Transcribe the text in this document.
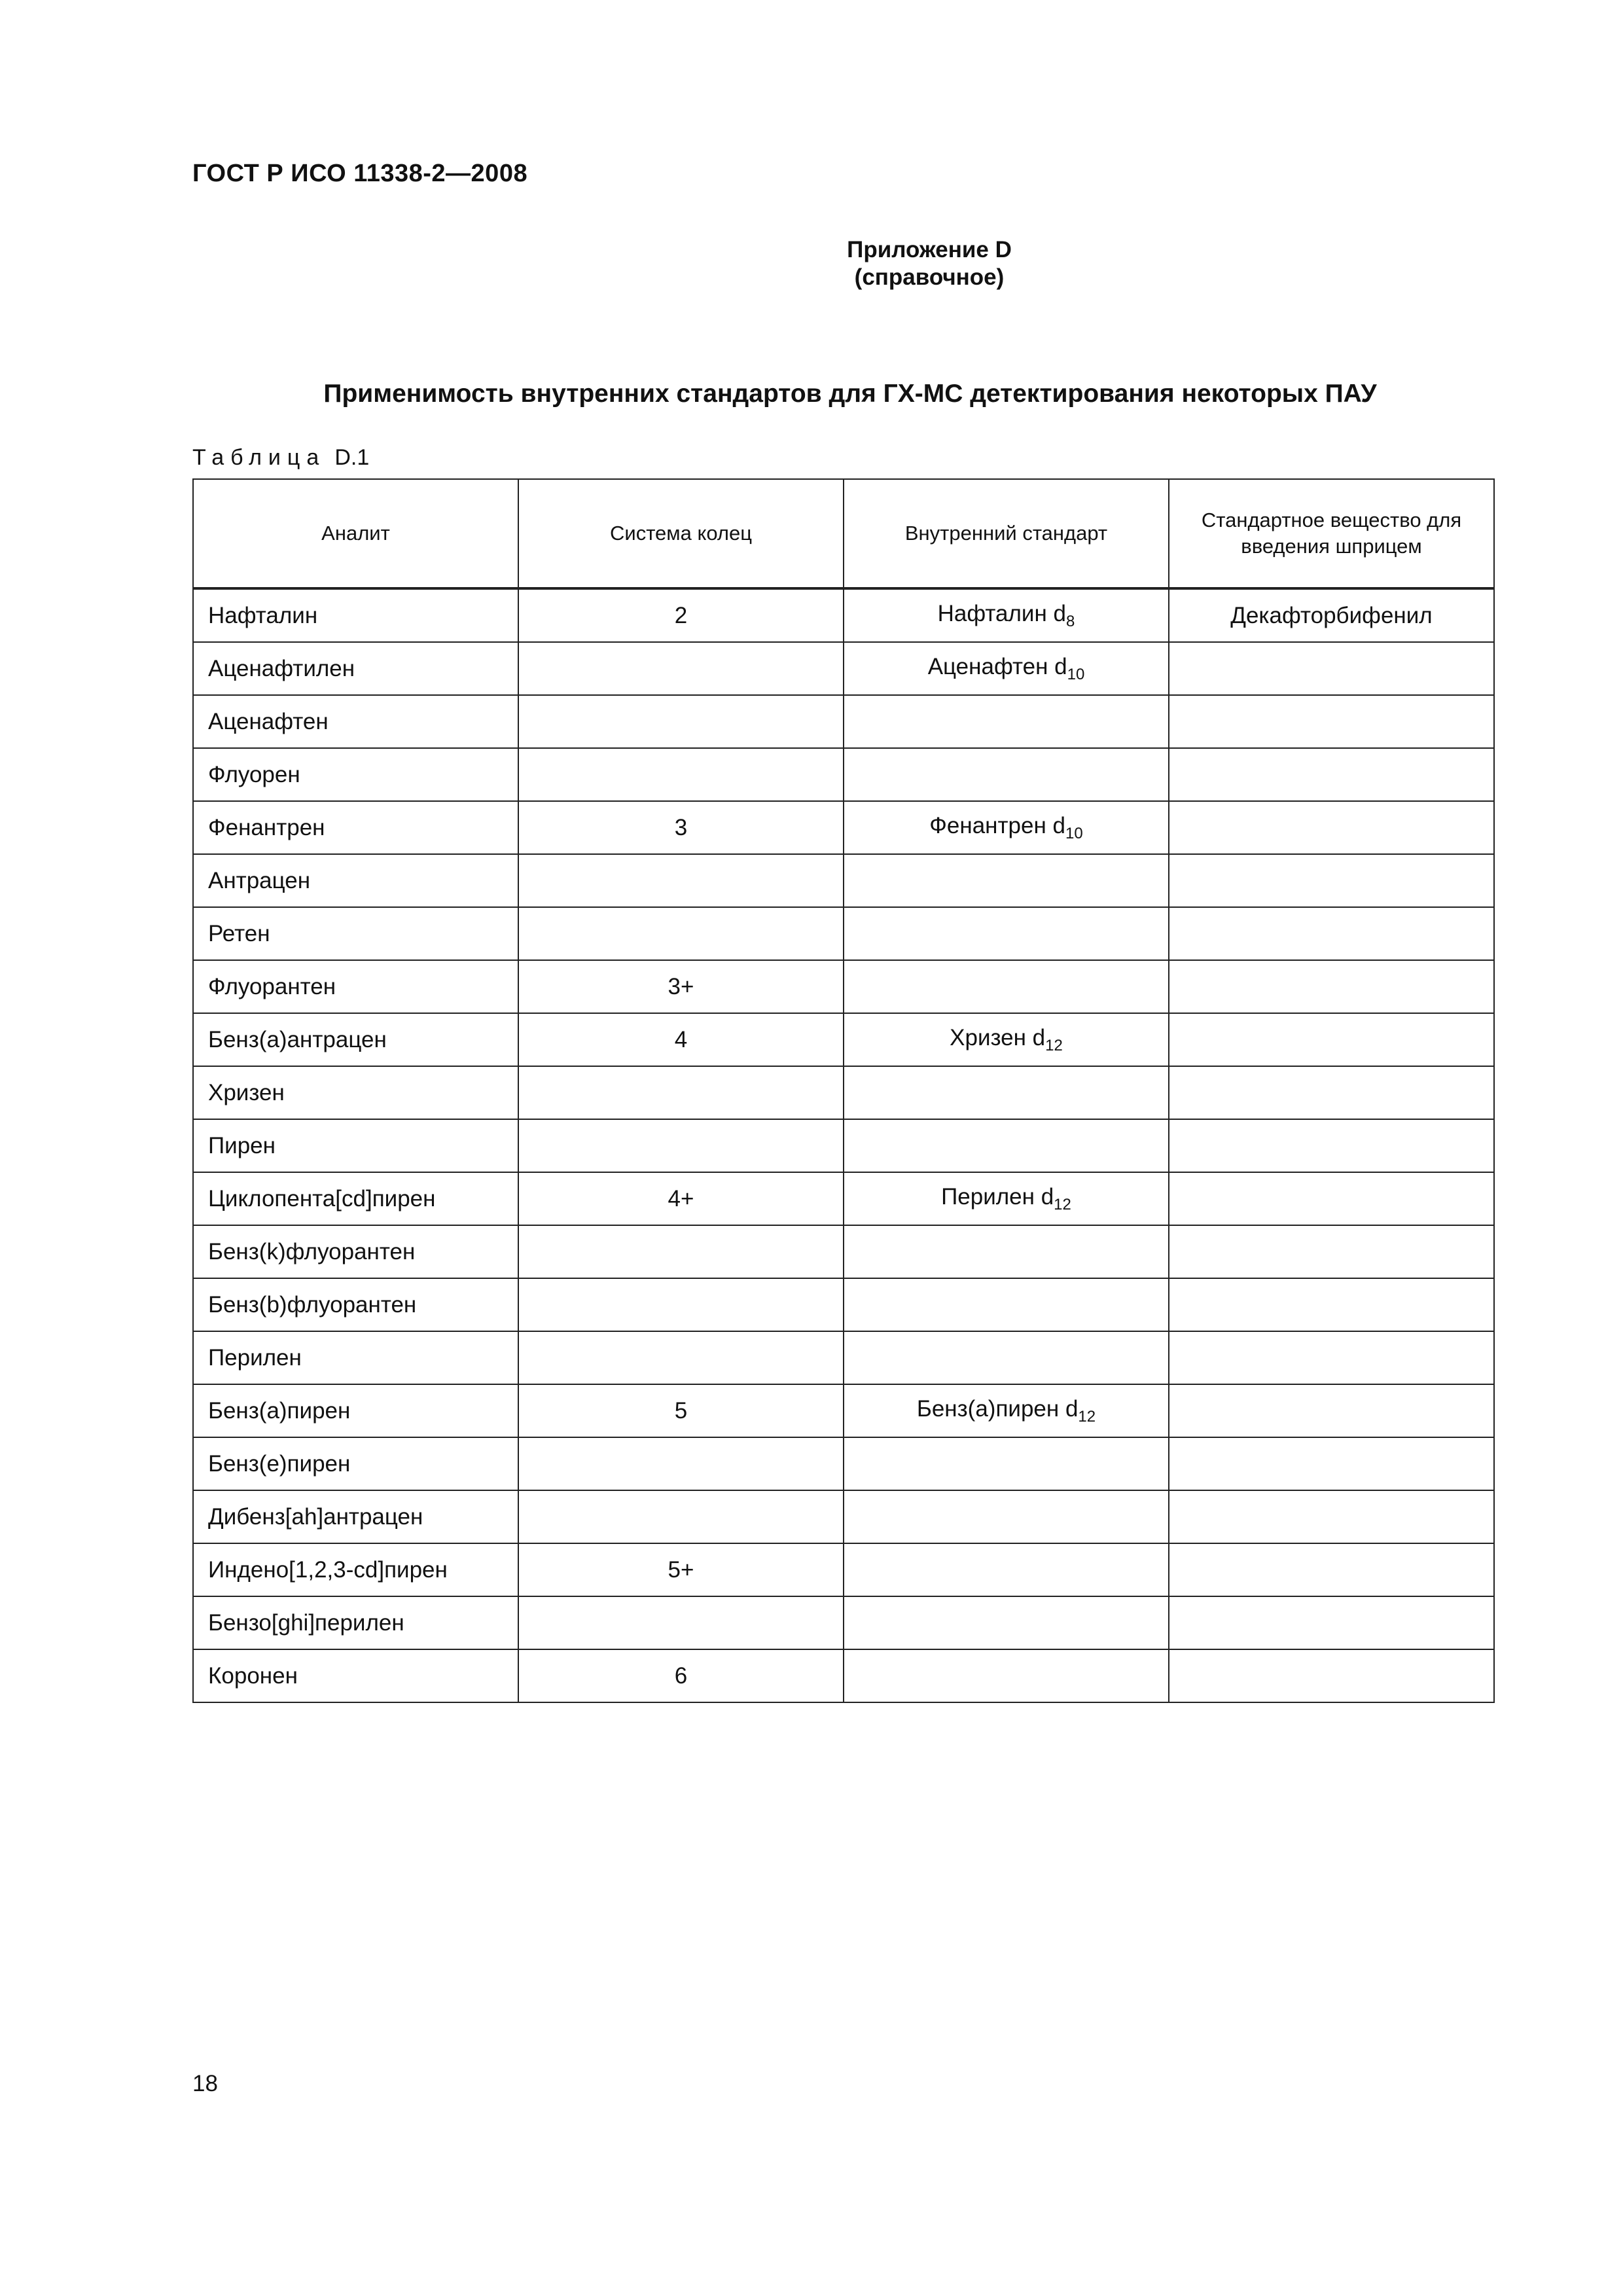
ГОСТ Р ИСО 11338-2—2008
Приложение D
(справочное)
Применимость внутренних стандартов для ГХ-МС детектирования некоторых ПАУ
Таблица D.1
Аналит	Система колец	Внутренний стандарт	Стандартное вещество для введения шприцем
Нафталин	2	Нафталин $d_8$	Декафторбифенил
Аценафтилен		Аценафтен $d_{10}$	
Аценафтен			
Флуорен			
Фенантрен	3	Фенантрен $d_{10}$	
Антрацен			
Ретен			
Флуорантен	3+		
Бенз(а)антрацен	4	Хризен $d_{12}$	
Хризен			
Пирен			
Циклопента[cd]пирен	4+	Перилен $d_{12}$	
Бенз(k)флуорантен			
Бенз(b)флуорантен			
Перилен			
Бенз(а)пирен	5	Бенз(а)пирен $d_{12}$	
Бенз(е)пирен			
Дибенз[ah]антрацен			
Индено[1,2,3-cd]пирен	5+		
Бензо[ghi]перилен			
Коронен	6		
18
